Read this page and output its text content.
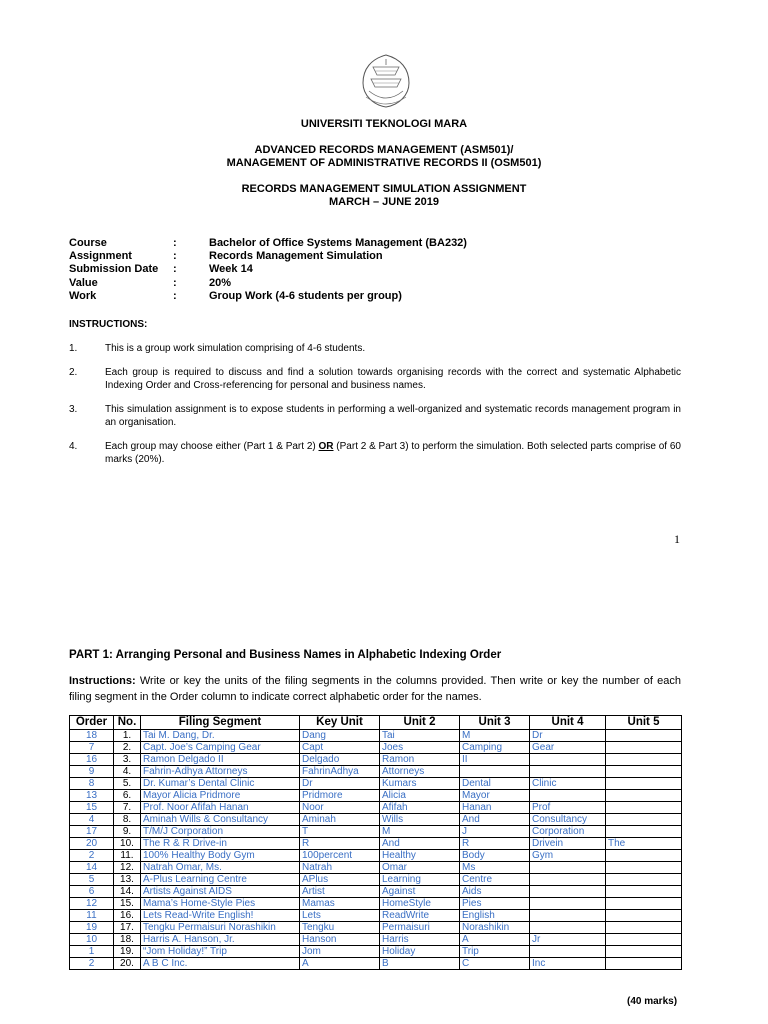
UNIVERSITI TEKNOLOGI MARA
ADVANCED RECORDS MANAGEMENT (ASM501)/
MANAGEMENT OF ADMINISTRATIVE RECORDS II (OSM501)
RECORDS MANAGEMENT SIMULATION ASSIGNMENT
MARCH – JUNE 2019
Course	:	Bachelor of Office Systems Management (BA232)
Assignment	:	Records Management Simulation
Submission Date :	Week 14
Value	:	20%
Work	:	Group Work (4-6 students per group)
INSTRUCTIONS:
1.	This is a group work simulation comprising of 4-6 students.
2.	Each group is required to discuss and find a solution towards organising records with the correct and systematic Alphabetic Indexing Order and Cross-referencing for personal and business names.
3.	This simulation assignment is to expose students in performing a well-organized and systematic records management program in an organisation.
4.	Each group may choose either (Part 1 & Part 2) OR (Part 2 & Part 3) to perform the simulation. Both selected parts comprise of 60 marks (20%).
1
PART 1: Arranging Personal and Business Names in Alphabetic Indexing Order
Instructions: Write or key the units of the filing segments in the columns provided. Then write or key the number of each filing segment in the Order column to indicate correct alphabetic order for the names.
Order	No.	Filing Segment	Key Unit	Unit 2	Unit 3	Unit 4	Unit 5
18	1.	Tai M. Dang, Dr.	Dang	Tai	M	Dr	
7	2.	Capt. Joe’s Camping Gear	Capt	Joes	Camping	Gear	
16	3.	Ramon Delgado II	Delgado	Ramon	II		
9	4.	Fahrin-Adhya Attorneys	FahrinAdhya	Attorneys			
8	5.	Dr. Kumar’s Dental Clinic	Dr	Kumars	Dental	Clinic	
13	6.	Mayor Alicia Pridmore	Pridmore	Alicia	Mayor		
15	7.	Prof. Noor Afifah Hanan	Noor	Afifah	Hanan	Prof	
4	8.	Aminah Wills & Consultancy	Aminah	Wills	And	Consultancy	
17	9.	T/M/J Corporation	T	M	J	Corporation	
20	10.	The R & R Drive-in	R	And	R	Drivein	The
2	11.	100% Healthy Body Gym	100percent	Healthy	Body	Gym	
14	12.	Natrah Omar, Ms.	Natrah	Omar	Ms		
5	13.	A-Plus Learning Centre	APlus	Learning	Centre		
6	14.	Artists Against AIDS	Artist	Against	Aids		
12	15.	Mama’s Home-Style Pies	Mamas	HomeStyle	Pies		
11	16.	Lets Read-Write English!	Lets	ReadWrite	English		
19	17.	Tengku Permaisuri Norashikin	Tengku	Permaisuri	Norashikin		
10	18.	Harris A. Hanson, Jr.	Hanson	Harris	A	Jr	
1	19.	“Jom Holiday!” Trip	Jom	Holiday	Trip		
2	20.	A B C Inc.	A	B	C	Inc	
(40 marks)
